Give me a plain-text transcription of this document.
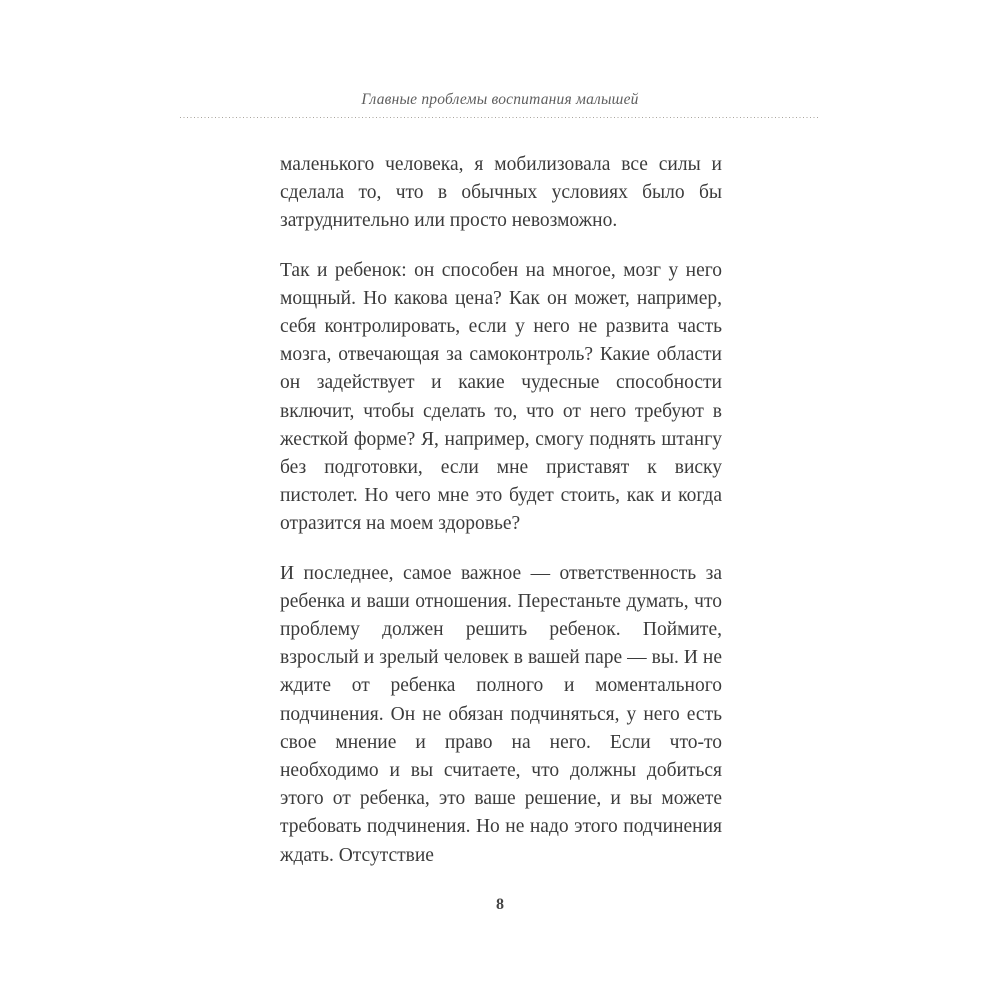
Главные проблемы воспитания малышей

маленького человека, я мобилизовала все силы и сделала то, что в обычных условиях было бы затруднительно или просто невозможно.

Так и ребенок: он способен на многое, мозг у него мощный. Но какова цена? Как он может, например, себя контролировать, если у него не развита часть мозга, отвечающая за самоконтроль? Какие области он задействует и какие чудесные способности включит, чтобы сделать то, что от него требуют в жесткой форме? Я, например, смогу поднять штангу без подготовки, если мне приставят к виску пистолет. Но чего мне это будет стоить, как и когда отразится на моем здоровье?

И последнее, самое важное — ответственность за ребенка и ваши отношения. Перестаньте думать, что проблему должен решить ребенок. Поймите, взрослый и зрелый человек в вашей паре — вы. И не ждите от ребенка полного и моментального подчинения. Он не обязан подчиняться, у него есть свое мнение и право на него. Если что-то необходимо и вы считаете, что должны добиться этого от ребенка, это ваше решение, и вы можете требовать подчинения. Но не надо этого подчинения ждать. Отсутствие

8
